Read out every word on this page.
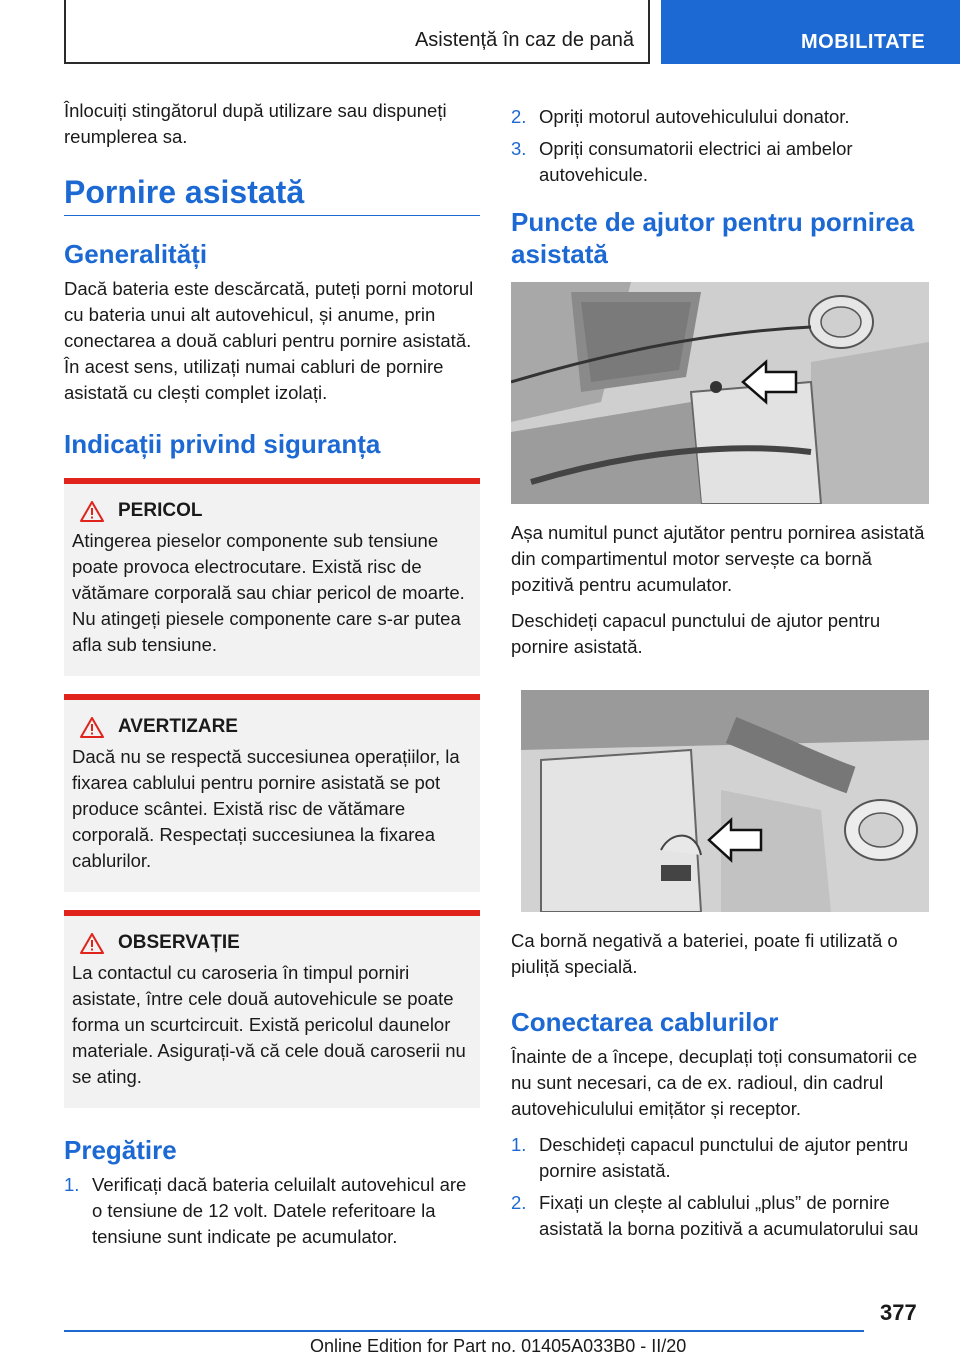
Asistență în caz de pană	MOBILITATE

Înlocuiți stingătorul după utilizare sau dispuneți reumplerea sa.

Pornire asistată
Generalități

Dacă bateria este descărcată, puteți porni motorul cu bateria unui alt autovehicul, și anume, prin conectarea a două cabluri pentru pornire asistată. În acest sens, utilizați numai cabluri de pornire asistată cu clești complet izolați.

Indicații privind siguranța
PERICOL
Atingerea pieselor componente sub tensiune poate provoca electrocutare. Există risc de vătămare corporală sau chiar pericol de moarte. Nu atingeți piesele componente care s-ar putea afla sub tensiune.
AVERTIZARE
Dacă nu se respectă succesiunea operațiilor, la fixarea cablului pentru pornire asistată se pot produce scântei. Există risc de vătămare corporală. Respectați succesiunea la fixarea cablurilor.
OBSERVAȚIE
La contactul cu caroseria în timpul porniri asistate, între cele două autovehicule se poate forma un scurtcircuit. Există pericolul daunelor materiale. Asigurați-vă că cele două caroserii nu se ating.
Pregătire
1. Verificați dacă bateria celuilalt autovehicul are o tensiune de 12 volt. Datele referitoare la tensiune sunt indicate pe acumulator.
2. Opriți motorul autovehiculului donator.
3. Opriți consumatorii electrici ai ambelor autovehicule.
Puncte de ajutor pentru pornirea asistată

Așa numitul punct ajutător pentru pornirea asistată din compartimentul motor servește ca bornă pozitivă pentru acumulator.

Deschideți capacul punctului de ajutor pentru pornire asistată.

Ca bornă negativă a bateriei, poate fi utilizată o piuliță specială.

Conectarea cablurilor

Înainte de a începe, decuplați toți consumatorii ce nu sunt necesari, ca de ex. radioul, din cadrul autovehiculului emițător și receptor.

1. Deschideți capacul punctului de ajutor pentru pornire asistată.
2. Fixați un clește al cablului „plus” de pornire asistată la borna pozitivă a acumulatorului sau
377
Online Edition for Part no. 01405A033B0 - II/20
